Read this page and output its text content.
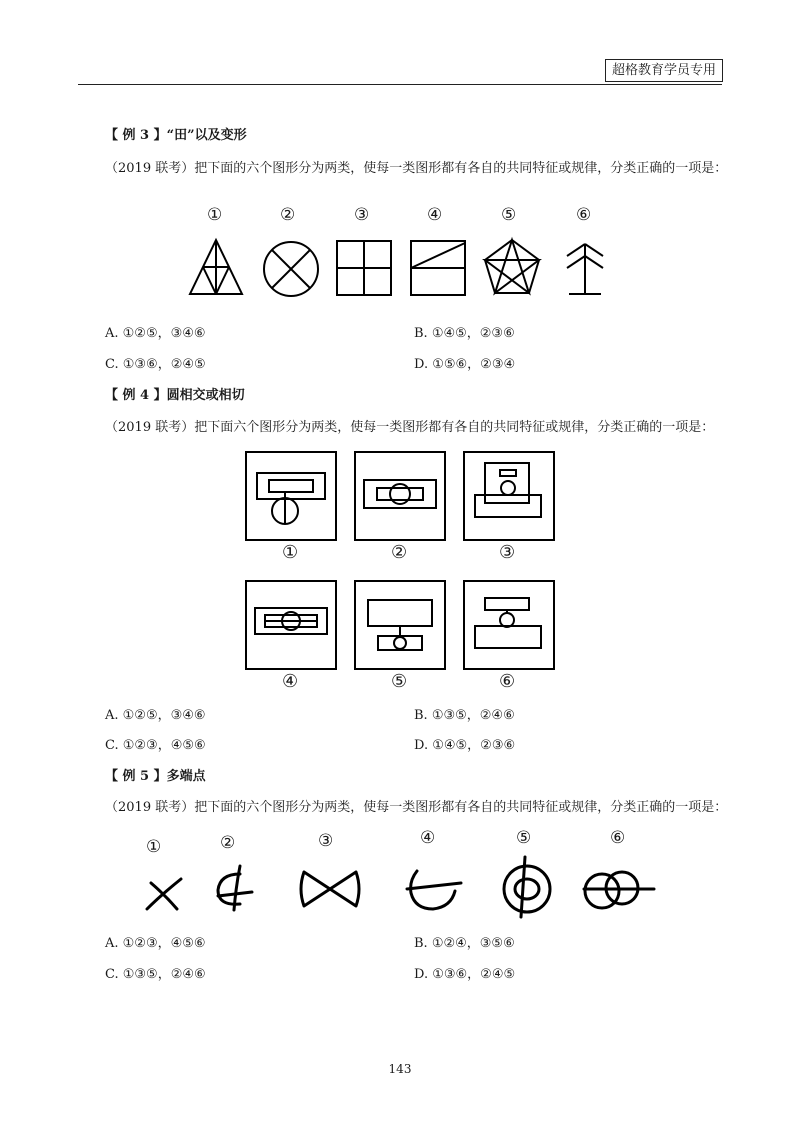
超格教育学员专用
【 例 3 】“田”以及变形
（2019 联考）把下面的六个图形分为两类，使每一类图形都有各自的共同特征或规律，分类正确的一项是：
①	②	③	④	⑤	⑥
A. ①②⑤，③④⑥	B. ①④⑤，②③⑥
C. ①③⑥，②④⑤	D. ①⑤⑥，②③④
【 例 4 】圆相交或相切
（2019 联考）把下面六个图形分为两类，使每一类图形都有各自的共同特征或规律，分类正确的一项是：
①	②	③
④	⑤	⑥
A. ①②⑤，③④⑥	B. ①③⑤，②④⑥
C. ①②③，④⑤⑥	D. ①④⑤，②③⑥
【 例 5 】多端点
（2019 联考）把下面的六个图形分为两类，使每一类图形都有各自的共同特征或规律，分类正确的一项是：
①	②	③	④	⑤	⑥
A. ①②③，④⑤⑥	B. ①②④，③⑤⑥
C. ①③⑤，②④⑥	D. ①③⑥，②④⑤
143
